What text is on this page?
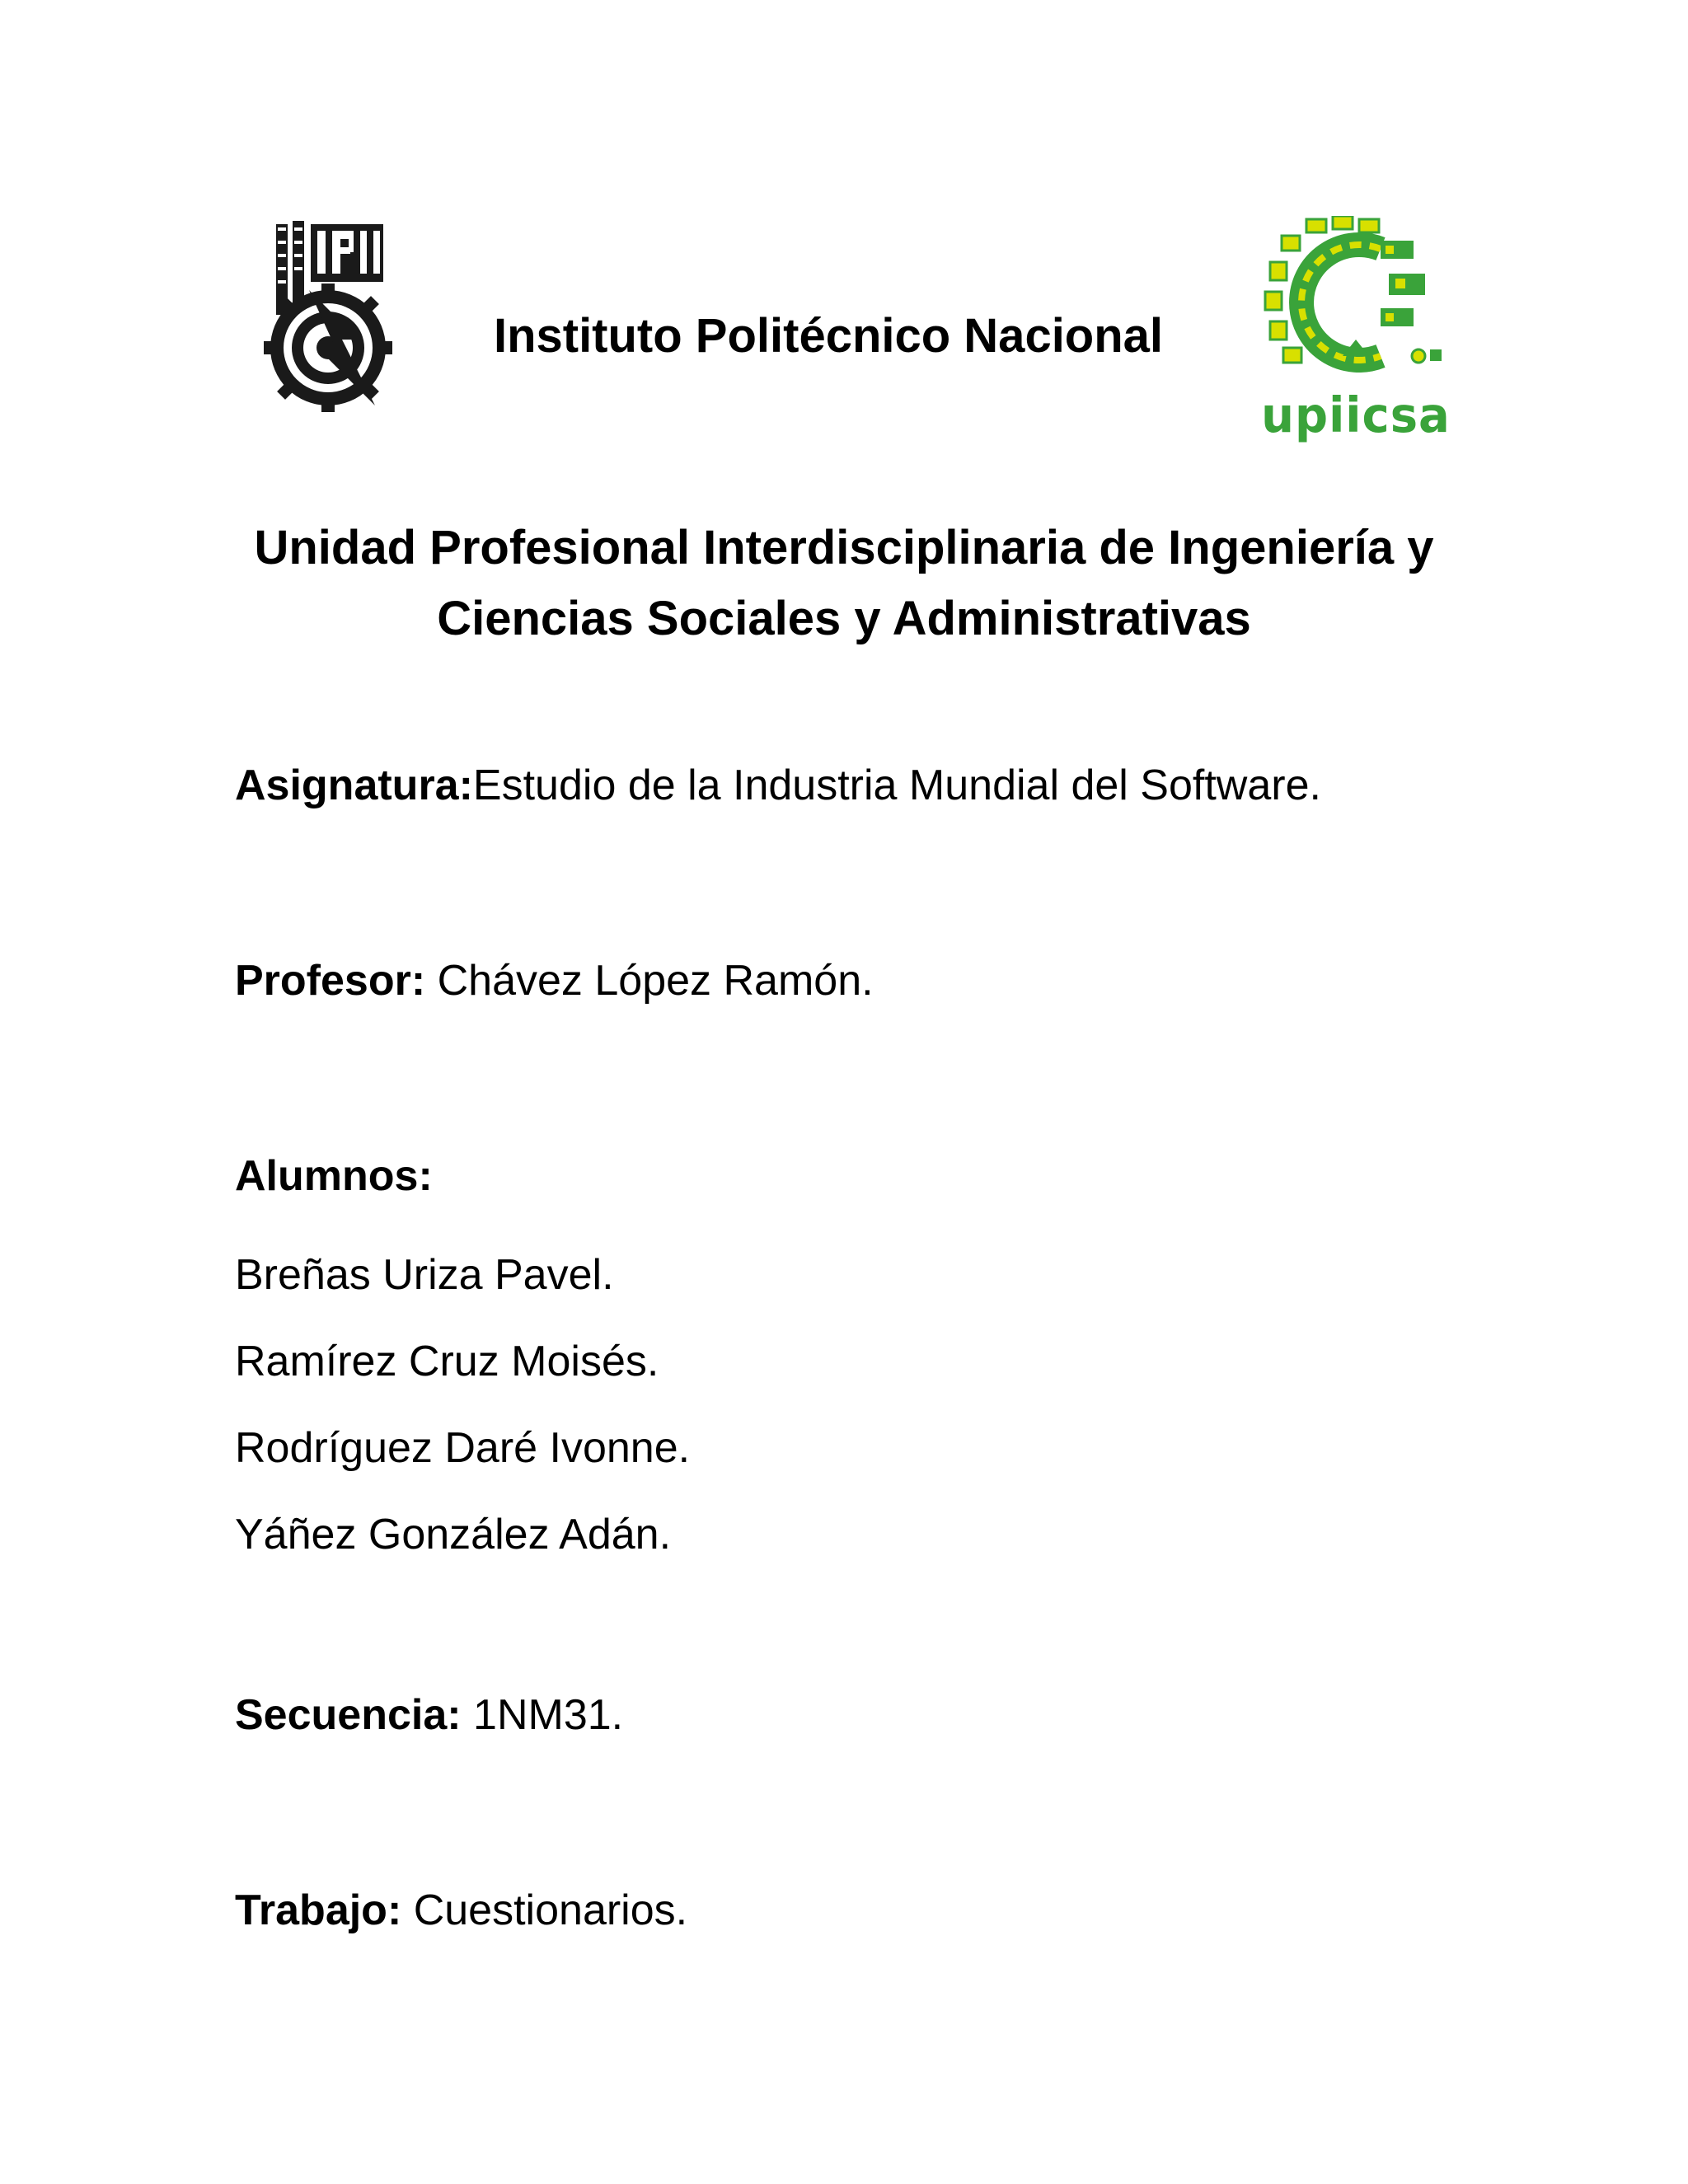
Instituto Politécnico Nacional
upiicsa
Unidad Profesional Interdisciplinaria de Ingeniería y
Ciencias Sociales y Administrativas
Asignatura:Estudio de la Industria Mundial del Software.
Profesor: Chávez López Ramón.
Alumnos:
Breñas Uriza Pavel.
Ramírez Cruz Moisés.
Rodríguez Daré Ivonne.
Yáñez González Adán.
Secuencia: 1NM31.
Trabajo: Cuestionarios.
